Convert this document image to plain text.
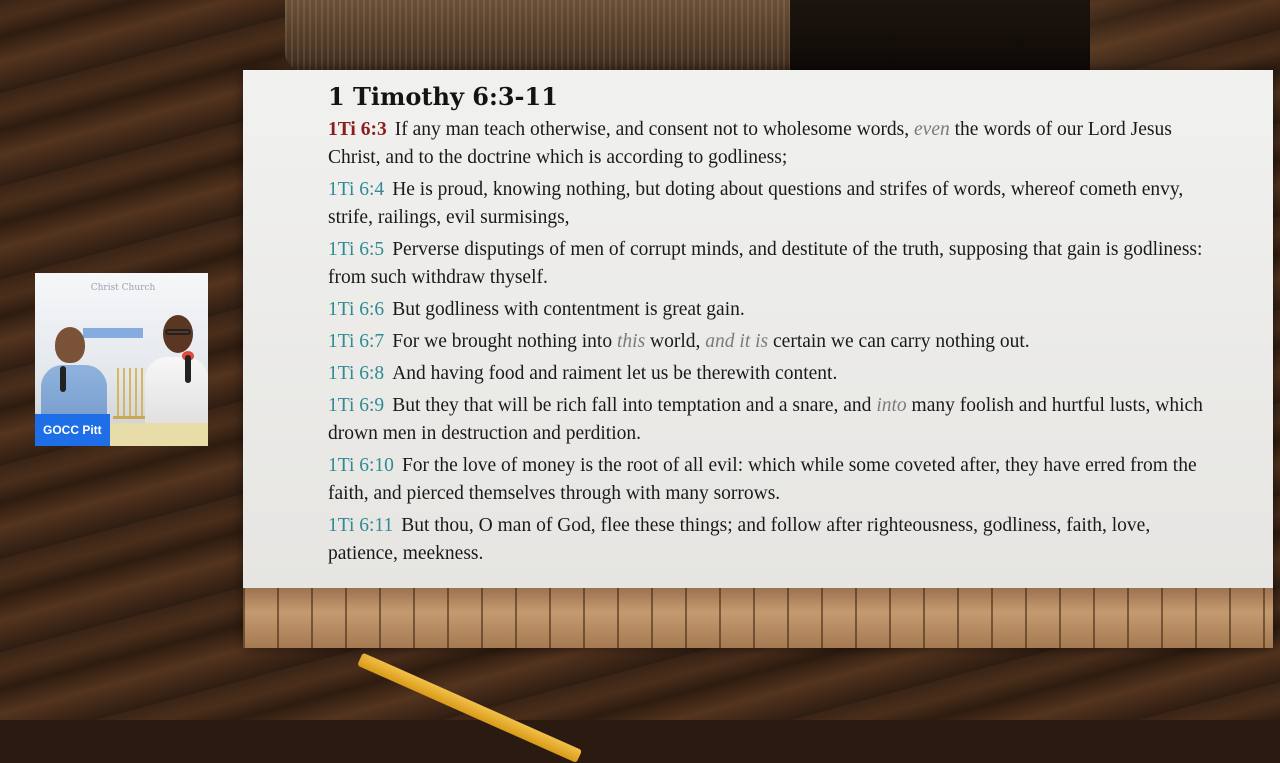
1 Timothy 6:3-11
1Ti 6:3 If any man teach otherwise, and consent not to wholesome words, even the words of our Lord Jesus Christ, and to the doctrine which is according to godliness;
1Ti 6:4 He is proud, knowing nothing, but doting about questions and strifes of words, whereof cometh envy, strife, railings, evil surmisings,
1Ti 6:5 Perverse disputings of men of corrupt minds, and destitute of the truth, supposing that gain is godliness: from such withdraw thyself.
1Ti 6:6 But godliness with contentment is great gain.
1Ti 6:7 For we brought nothing into this world, and it is certain we can carry nothing out.
1Ti 6:8 And having food and raiment let us be therewith content.
1Ti 6:9 But they that will be rich fall into temptation and a snare, and into many foolish and hurtful lusts, which drown men in destruction and perdition.
1Ti 6:10 For the love of money is the root of all evil: which while some coveted after, they have erred from the faith, and pierced themselves through with many sorrows.
1Ti 6:11 But thou, O man of God, flee these things; and follow after righteousness, godliness, faith, love, patience, meekness.
Christ Church
GOCC Pitt
